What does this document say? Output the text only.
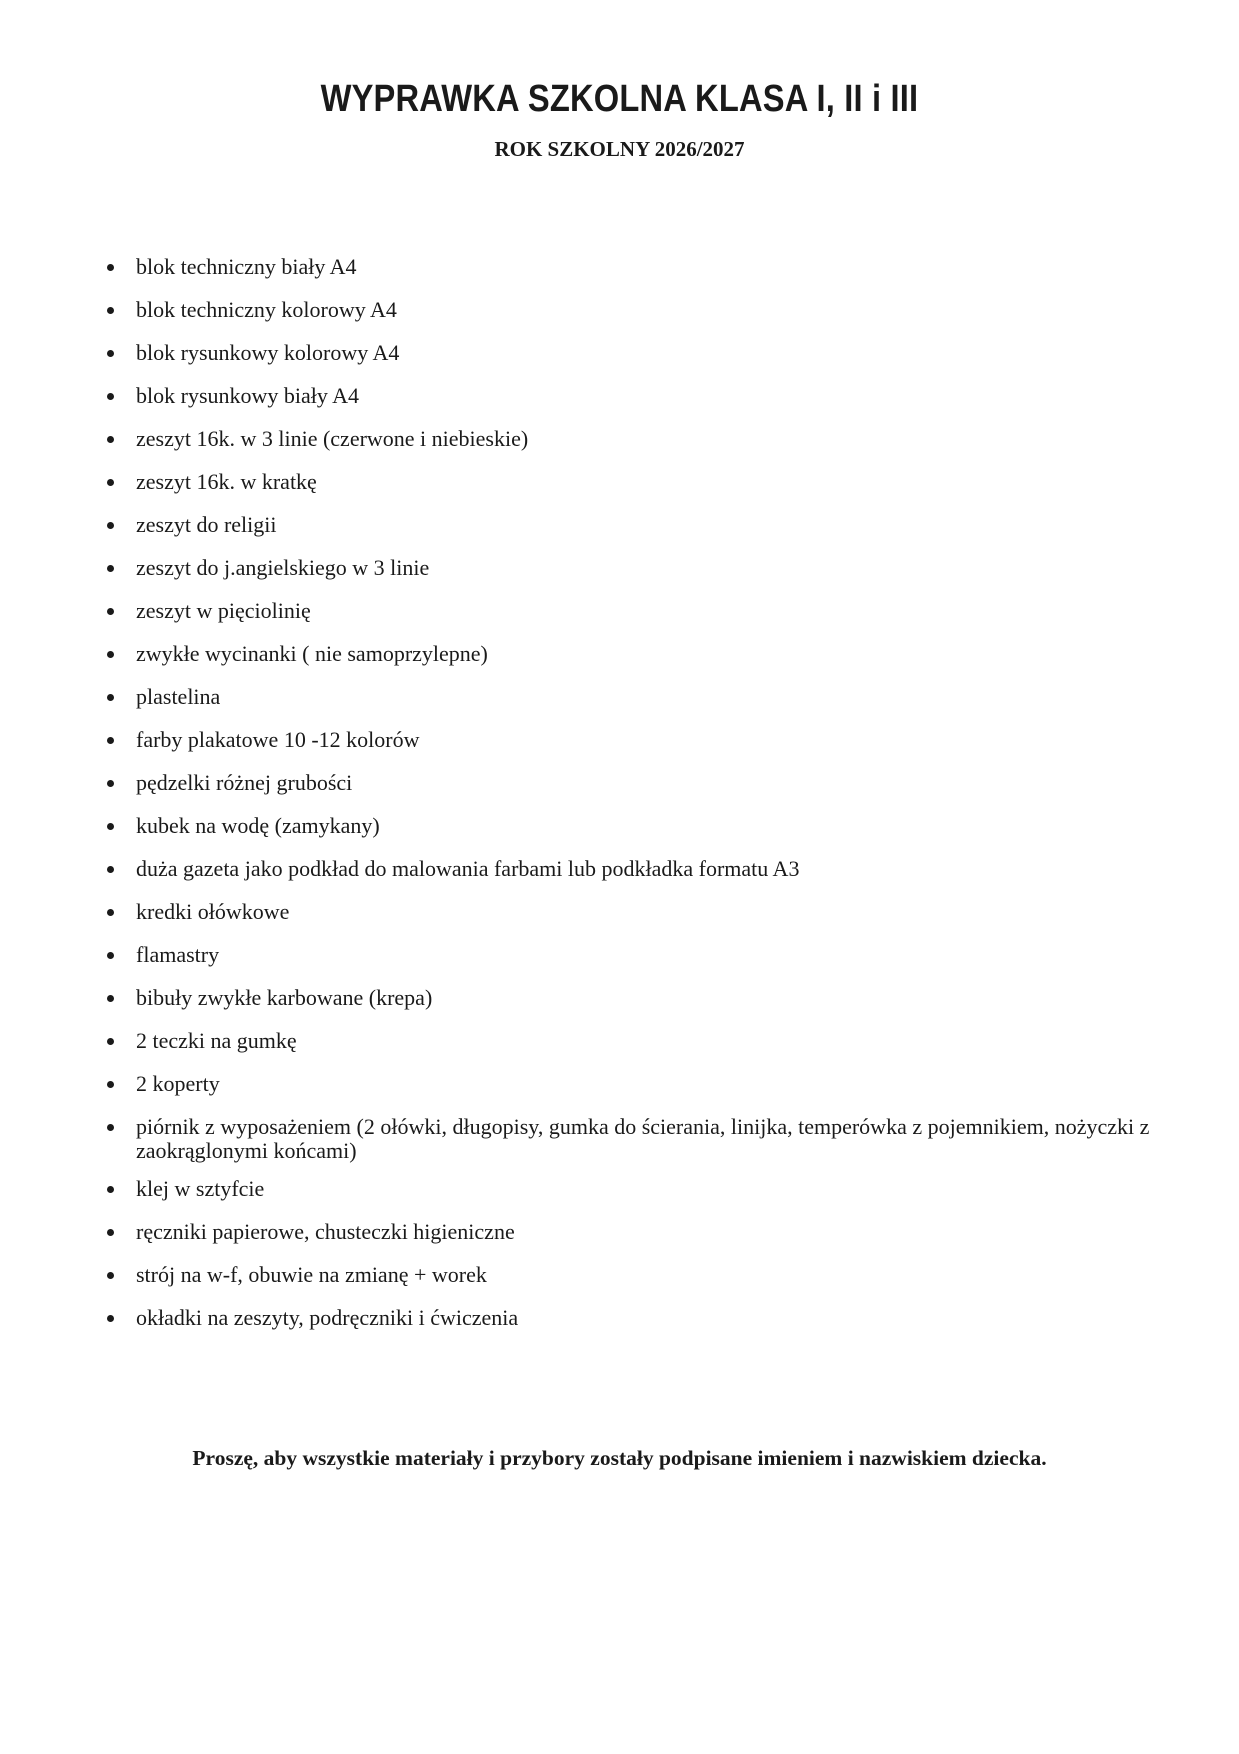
WYPRAWKA SZKOLNA KLASA I, II i III
ROK SZKOLNY 2026/2027
blok techniczny biały A4
blok techniczny kolorowy A4
blok rysunkowy kolorowy A4
blok rysunkowy biały A4
zeszyt 16k. w 3 linie (czerwone i niebieskie)
zeszyt 16k. w kratkę
zeszyt do religii
zeszyt do j.angielskiego w 3 linie
zeszyt w pięciolinię
zwykłe wycinanki ( nie samoprzylepne)
plastelina
farby plakatowe 10 -12 kolorów
pędzelki różnej grubości
kubek na wodę (zamykany)
duża gazeta jako podkład do malowania farbami lub podkładka formatu A3
kredki ołówkowe
flamastry
bibuły zwykłe karbowane (krepa)
2 teczki na gumkę
2 koperty
piórnik z wyposażeniem (2 ołówki, długopisy, gumka do ścierania, linijka, temperówka z pojemnikiem, nożyczki z zaokrąglonymi końcami)
klej w sztyfcie
ręczniki papierowe, chusteczki higieniczne
strój na w-f, obuwie na zmianę + worek
okładki na zeszyty, podręczniki i ćwiczenia

Proszę, aby wszystkie materiały i przybory zostały podpisane imieniem i nazwiskiem dziecka.
